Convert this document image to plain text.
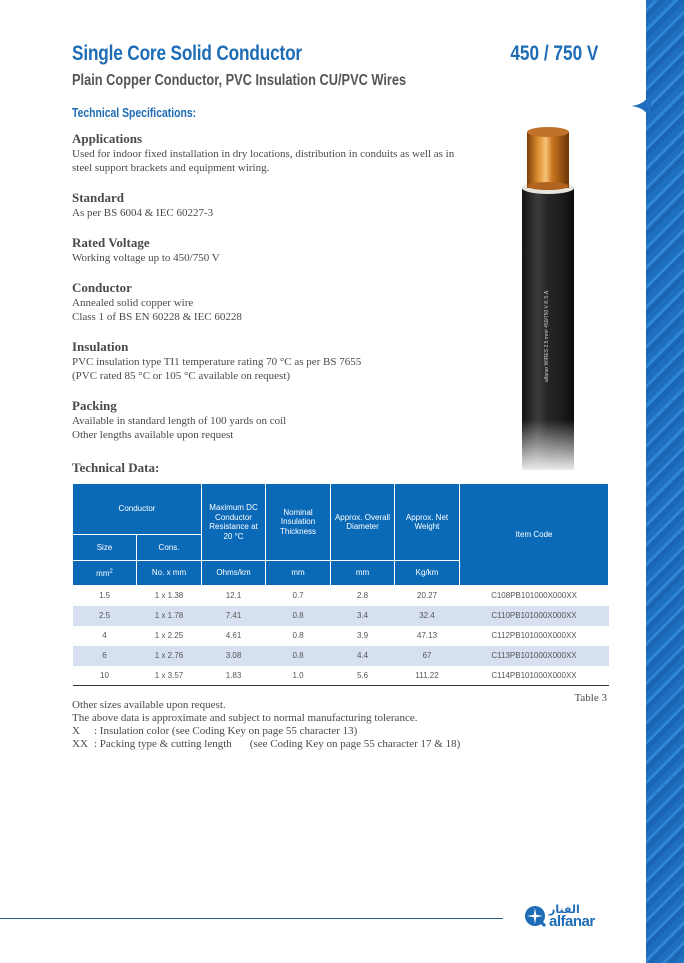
Single Core Solid Conductor	450 / 750 V
Plain Copper Conductor, PVC Insulation CU/PVC Wires
Technical Specifications:
Applications

Used for indoor fixed installation in dry locations, distribution in conduits as well as in

steel support brackets and equipment wiring.

Standard

As per BS 6004 & IEC 60227-3

Rated Voltage

Working voltage up to 450/750 V

Conductor

Annealed solid copper wire

Class 1 of BS EN 60228 & IEC 60228

Insulation

PVC insulation type TI1 temperature rating 70 °C as per BS 7655

(PVC rated 85 °C or 105 °C available on request)

Packing

Available in standard length of 100 yards on coil

Other lengths available upon request

alfanar WIRES 2.5 mm² 450/750 V K.S.A.
Technical Data:
Conductor		Maximum DC Conductor Resistance at 20 °C	Nominal Insulation Thickness	Approx. Overall Diameter	Approx. Net Weight	Item Code
Size	Cons.					
$mm^2$	No. x mm	Ohms/km	mm	mm	Kg/km	
1.5	1 x 1.38	12.1	0.7	2.8	20.27	C108PB101000X000XX
2.5	1 x 1.78	7.41	0.8	3.4	32.4	C110PB101000X000XX
4	1 x 2.25	4.61	0.8	3.9	47.13	C112PB101000X000XX
6	1 x 2.76	3.08	0.8	4.4	67	C113PB101000X000XX
10	1 x 3.57	1.83	1.0	5.6	111.22	C114PB101000X000XX
Table 3
Other sizes available upon request.
The above data is approximate and subject to normal manufacturing tolerance.
X : Insulation color (see Coding Key on page 55 character 13)
XX : Packing type & cutting length (see Coding Key on page 55 character 17 & 18)
الفنار
alfanar
